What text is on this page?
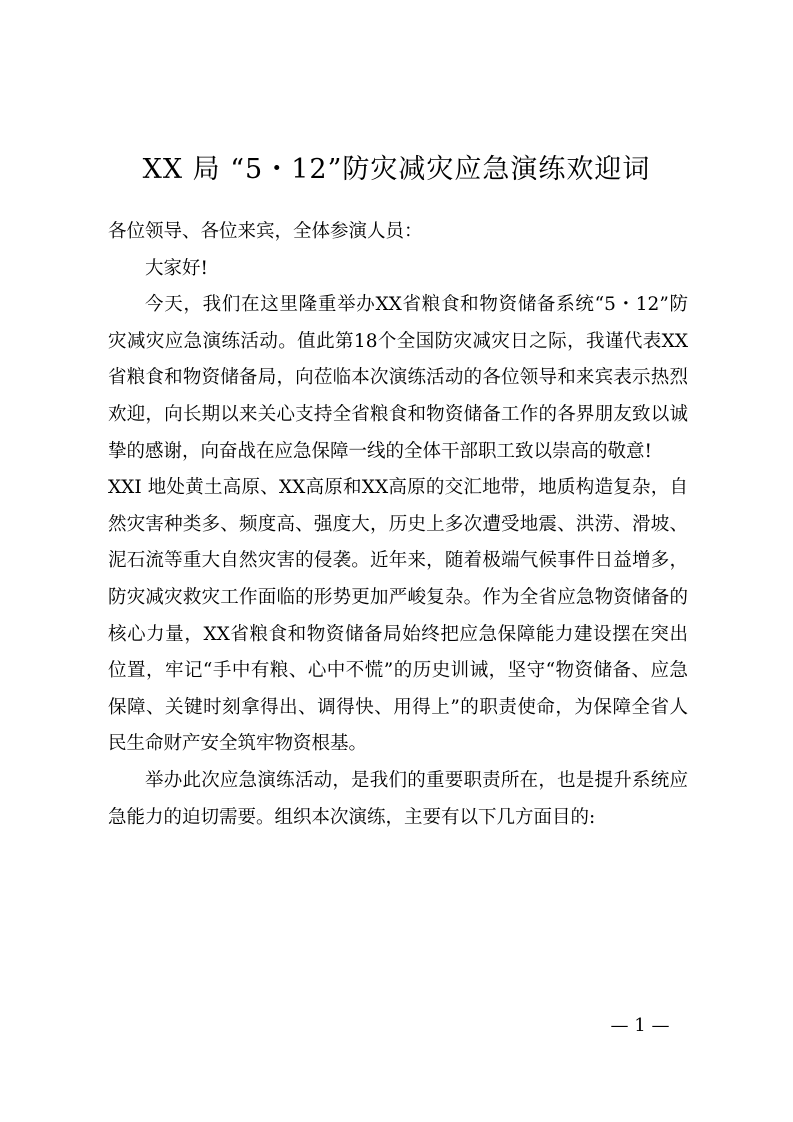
XX 局 “5・12”防灾减灾应急演练欢迎词

各位领导、各位来宾，全体参演人员：

大家好!

今天，我们在这里隆重举办XX省粮食和物资储备系统“5・12”防灾减灾应急演练活动。值此第18个全国防灾减灾日之际，我谨代表XX省粮食和物资储备局，向莅临本次演练活动的各位领导和来宾表示热烈欢迎，向长期以来关心支持全省粮食和物资储备工作的各界朋友致以诚挚的感谢，向奋战在应急保障一线的全体干部职工致以崇高的敬意!

XXI 地处黄土高原、XX高原和XX高原的交汇地带，地质构造复杂，自然灾害种类多、频度高、强度大，历史上多次遭受地震、洪涝、滑坡、泥石流等重大自然灾害的侵袭。近年来，随着极端气候事件日益增多，防灾减灾救灾工作面临的形势更加严峻复杂。作为全省应急物资储备的核心力量，XX省粮食和物资储备局始终把应急保障能力建设摆在突出位置，牢记“手中有粮、心中不慌”的历史训诫，坚守“物资储备、应急保障、关键时刻拿得出、调得快、用得上”的职责使命，为保障全省人民生命财产安全筑牢物资根基。

举办此次应急演练活动，是我们的重要职责所在，也是提升系统应急能力的迫切需要。组织本次演练，主要有以下几方面目的:

— 1 —
